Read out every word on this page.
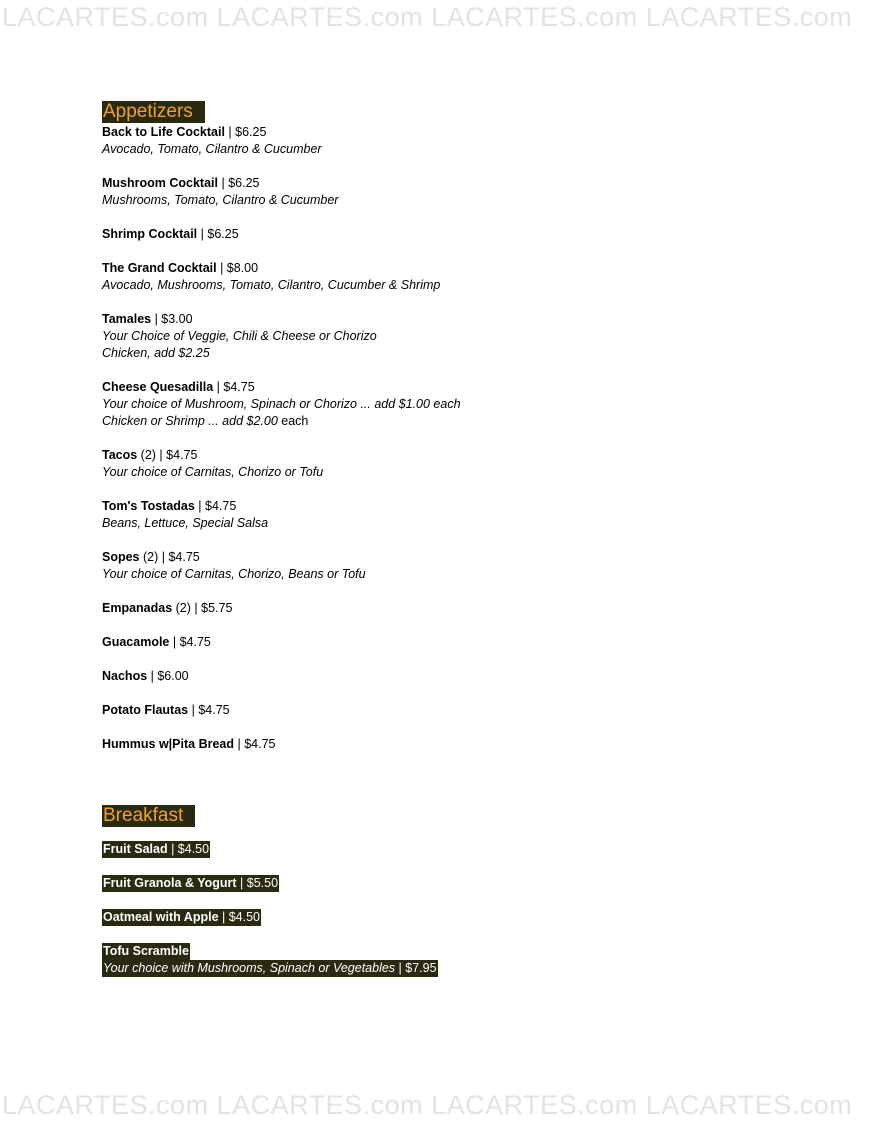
LACARTES.com LACARTES.com LACARTES.com LACARTES.com
Appetizers
Back to Life Cocktail | $6.25
Avocado, Tomato, Cilantro & Cucumber
Mushroom Cocktail | $6.25
Mushrooms, Tomato, Cilantro & Cucumber
Shrimp Cocktail | $6.25
The Grand Cocktail | $8.00
Avocado, Mushrooms, Tomato, Cilantro, Cucumber & Shrimp
Tamales | $3.00
Your Choice of Veggie, Chili & Cheese or Chorizo
Chicken, add $2.25
Cheese Quesadilla | $4.75
Your choice of Mushroom, Spinach or Chorizo ... add $1.00 each
Chicken or Shrimp ... add $2.00 each
Tacos (2) | $4.75
Your choice of Carnitas, Chorizo or Tofu
Tom's Tostadas | $4.75
Beans, Lettuce, Special Salsa
Sopes (2) | $4.75
Your choice of Carnitas, Chorizo, Beans or Tofu
Empanadas (2) | $5.75
Guacamole | $4.75
Nachos | $6.00
Potato Flautas | $4.75
Hummus w|Pita Bread | $4.75
Breakfast
Fruit Salad | $4.50
Fruit Granola & Yogurt | $5.50
Oatmeal with Apple | $4.50
Tofu Scramble
Your choice with Mushrooms, Spinach or Vegetables | $7.95
LACARTES.com LACARTES.com LACARTES.com LACARTES.com
